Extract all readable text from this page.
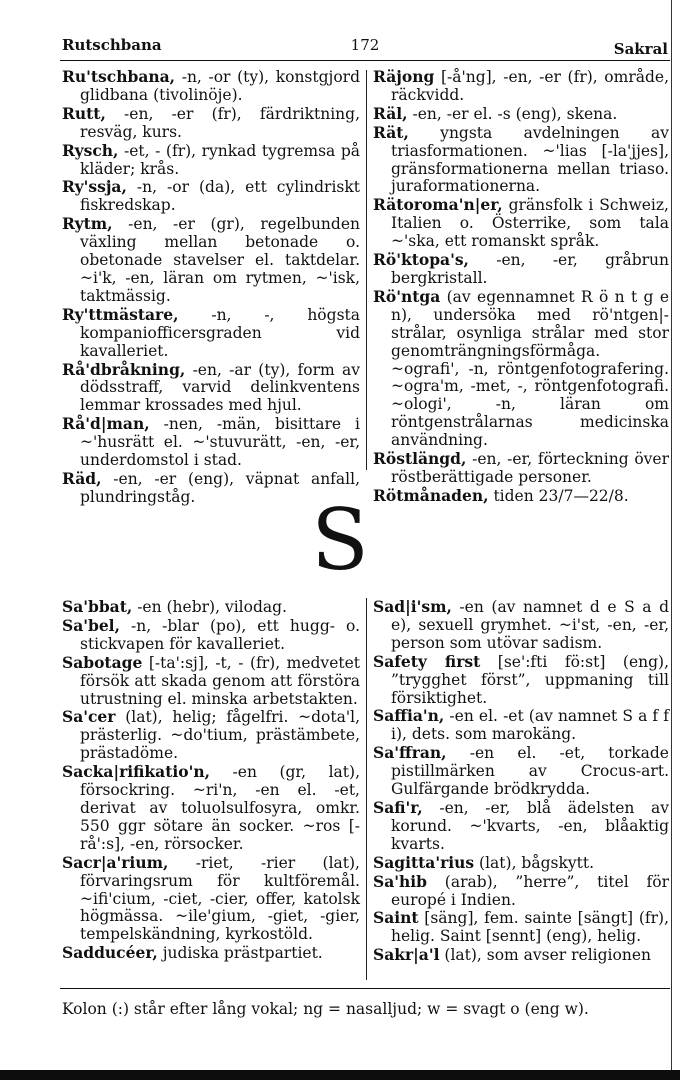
Rutschbana	172	Sakral

Ru'tschbana, -n, -or (ty), konstgjord glidbana (tivolinöje).

Rutt, -en, -er (fr), färdriktning, resväg, kurs.

Rysch, -et, - (fr), rynkad tygremsa på kläder; krås.

Ry'ssja, -n, -or (da), ett cylindriskt fiskredskap.

Rytm, -en, -er (gr), regelbunden växling mellan betonade o. obetonade stavelser el. taktdelar. ~i'k, -en, läran om rytmen, ~'isk, taktmässig.

Ry'ttmästare, -n, -, högsta kompaniofficersgraden vid kavalleriet.

Rå'dbråkning, -en, -ar (ty), form av dödsstraff, varvid delinkventens lemmar krossades med hjul.

Rå'd|man, -nen, -män, bisittare i ~'husrätt el. ~'stuvurätt, -en, -er, underdomstol i stad.

Räd, -en, -er (eng), väpnat anfall, plundringståg.

Räjong [-å'ng], -en, -er (fr), område, räckvidd.

Räl, -en, -er el. -s (eng), skena.

Rät, yngsta avdelningen av triasformationen. ~'lias [-la'jjes], gränsformationerna mellan triaso. juraformationerna.

Rätoroma'n|er, gränsfolk i Schweiz, Italien o. Österrike, som tala ~'ska, ett romanskt språk.

Rö'ktopa's, -en, -er, gråbrun bergkristall.

Rö'ntga (av egennamnet R ö n t g e n), undersöka med rö'ntgen|-strålar, osynliga strålar med stor genomträngningsförmåga. ~ografi', -n, röntgenfotografering. ~ogra'm, -met, -, röntgenfotografi. ~ologi', -n, läran om röntgenstrålarnas medicinska användning.

Röstlängd, -en, -er, förteckning över röstberättigade personer.

Rötmånaden, tiden 23/7—22/8.

S

Sa'bbat, -en (hebr), vilodag.

Sa'bel, -n, -blar (po), ett hugg- o. stickvapen för kavalleriet.

Sabotage [-ta':sj], -t, - (fr), medvetet försök att skada genom att förstöra utrustning el. minska arbetstakten.

Sa'cer (lat), helig; fågelfri. ~dota'l, prästerlig. ~do'tium, prästämbete, prästadöme.

Sacka|rifikatio'n, -en (gr, lat), försockring. ~ri'n, -en el. -et, derivat av toluolsulfosyra, omkr. 550 ggr sötare än socker. ~ros [-rå':s], -en, rörsocker.

Sacr|a'rium, -riet, -rier (lat), förvaringsrum för kultföremål. ~ifi'cium, -ciet, -cier, offer, katolsk högmässa. ~ile'gium, -giet, -gier, tempelskändning, kyrkostöld.

Sadducéer, judiska prästpartiet.

Sad|i'sm, -en (av namnet d e S a d e), sexuell grymhet. ~i'st, -en, -er, person som utövar sadism.

Safety first [se':fti fö:st] (eng), ”trygghet först”, uppmaning till försiktighet.

Saffia'n, -en el. -et (av namnet S a f f i), dets. som marokäng.

Sa'ffran, -en el. -et, torkade pistillmärken av Crocus-art. Gulfärgande brödkrydda.

Safi'r, -en, -er, blå ädelsten av korund. ~'kvarts, -en, blåaktig kvarts.

Sagitta'rius (lat), bågskytt.

Sa'hib (arab), ”herre”, titel för europé i Indien.

Saint [säng], fem. sainte [sängt] (fr), helig. Saint [sennt] (eng), helig.

Sakr|a'l (lat), som avser religionen

Kolon (:) står efter lång vokal; ng = nasalljud; w = svagt o (eng w).
